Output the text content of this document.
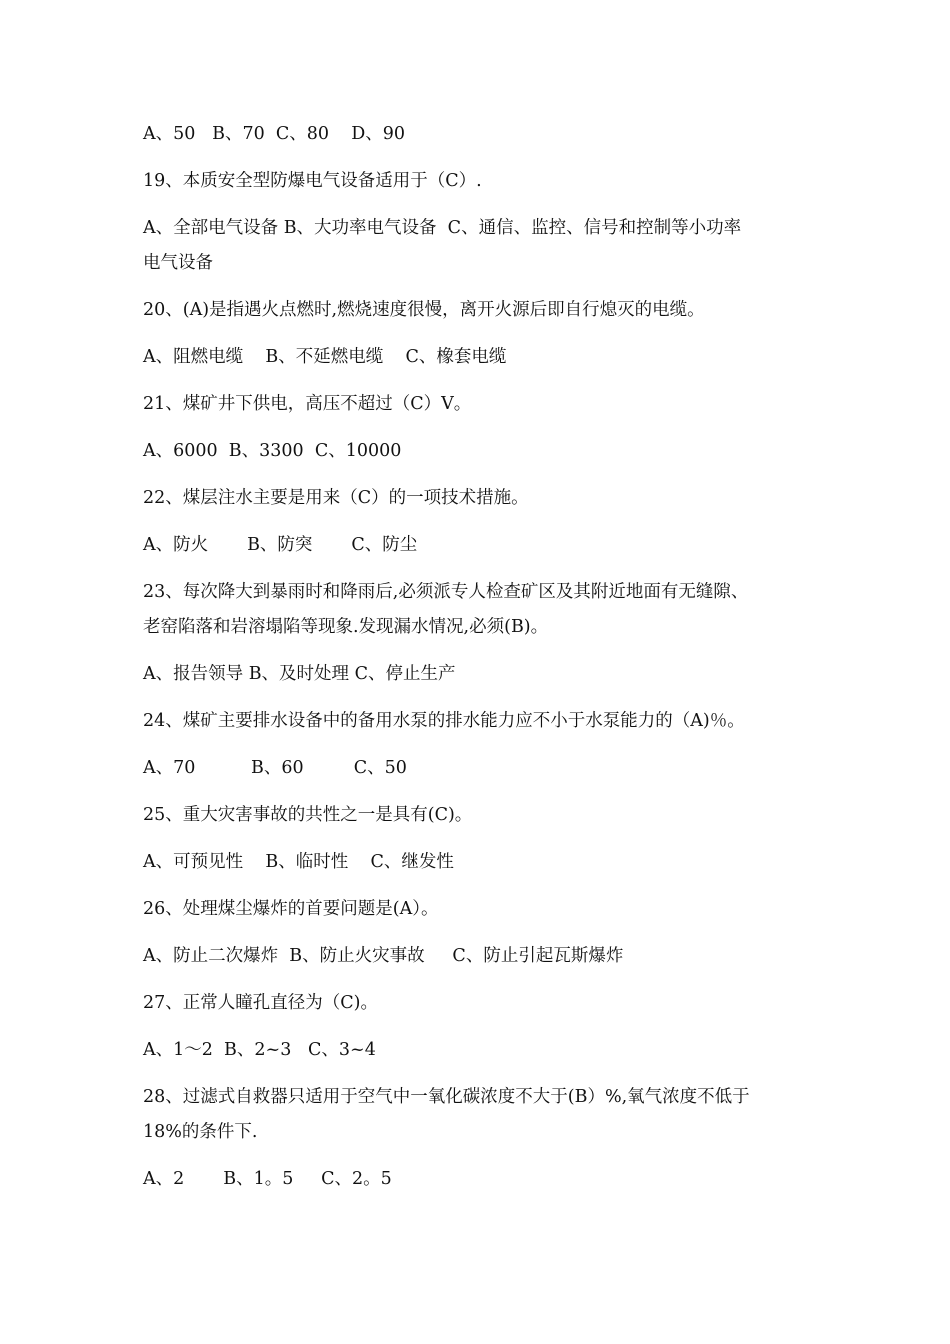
A、50   B、70  C、80    D、90
19、本质安全型防爆电气设备适用于（C）.
A、全部电气设备 B、大功率电气设备  C、通信、监控、信号和控制等小功率
电气设备
20、(A)是指遇火点燃时,燃烧速度很慢，离开火源后即自行熄灭的电缆。
A、阻燃电缆    B、不延燃电缆    C、橡套电缆
21、煤矿井下供电，高压不超过（C）V。
A、6000  B、3300  C、10000
22、煤层注水主要是用来（C）的一项技术措施。
A、防火       B、防突       C、防尘
23、每次降大到暴雨时和降雨后,必须派专人检查矿区及其附近地面有无缝隙、
老窑陷落和岩溶塌陷等现象.发现漏水情况,必须(B)。
A、报告领导 B、及时处理 C、停止生产
24、煤矿主要排水设备中的备用水泵的排水能力应不小于水泵能力的（A)％。
A、70          B、60         C、50
25、重大灾害事故的共性之一是具有(C)。
A、可预见性    B、临时性    C、继发性
26、处理煤尘爆炸的首要问题是(A）。
A、防止二次爆炸  B、防止火灾事故     C、防止引起瓦斯爆炸
27、正常人瞳孔直径为（C)。
A、1～2  B、2~3   C、3~4
28、过滤式自救器只适用于空气中一氧化碳浓度不大于(B）%,氧气浓度不低于
18%的条件下.
A、2       B、1。5     C、2。5
